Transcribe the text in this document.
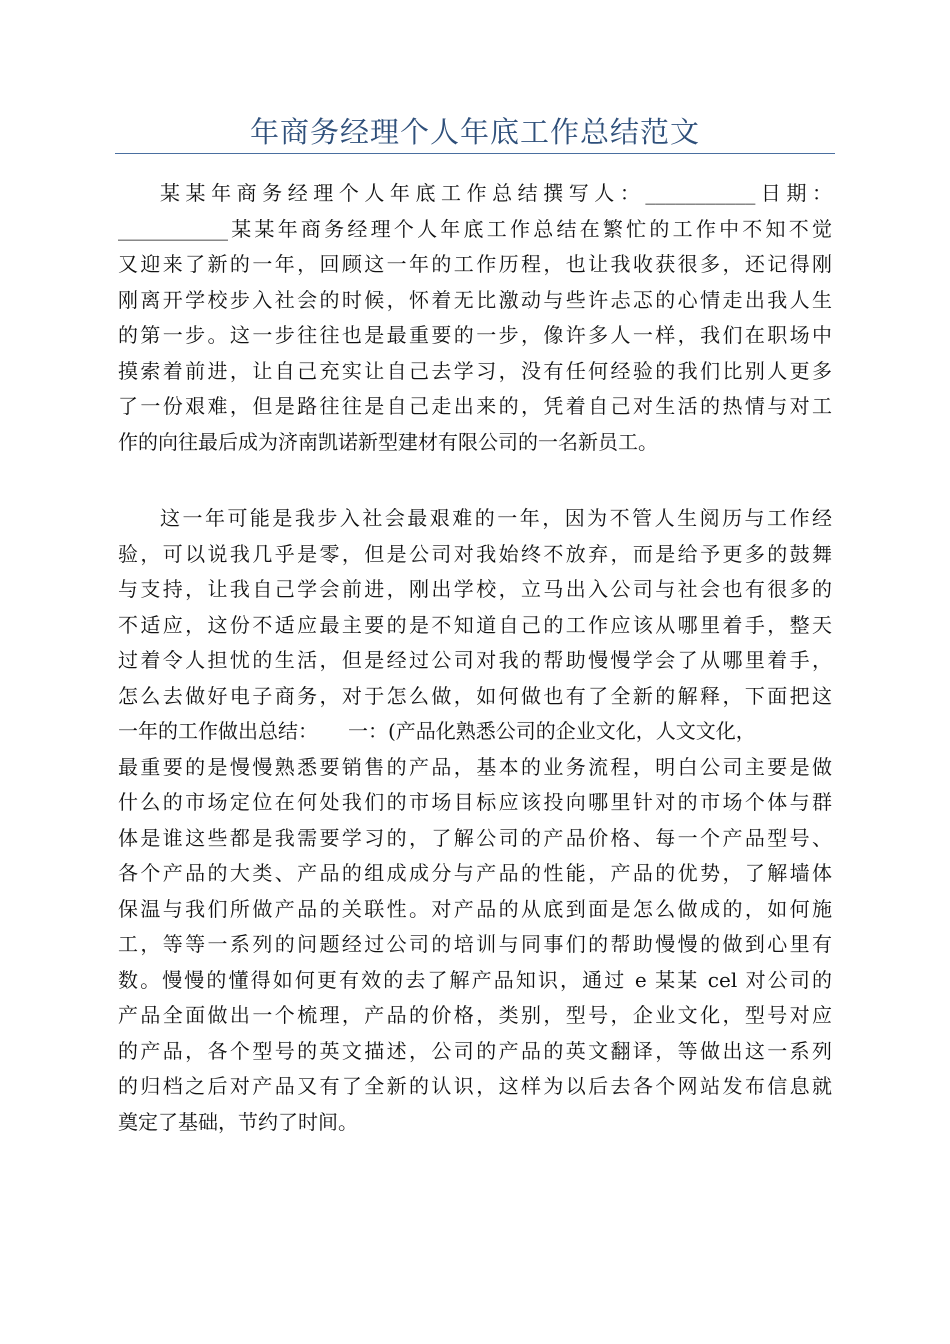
年商务经理个人年底工作总结范文
某某年商务经理个人年底工作总结撰写人：___________日期：
___________某某年商务经理个人年底工作总结在繁忙的工作中不知不觉
又迎来了新的一年，回顾这一年的工作历程，也让我收获很多，还记得刚
刚离开学校步入社会的时候，怀着无比激动与些许忐忑的心情走出我人生
的第一步。这一步往往也是最重要的一步，像许多人一样，我们在职场中
摸索着前进，让自己充实让自己去学习，没有任何经验的我们比别人更多
了一份艰难，但是路往往是自己走出来的，凭着自己对生活的热情与对工
作的向往最后成为济南凯诺新型建材有限公司的一名新员工。
这一年可能是我步入社会最艰难的一年，因为不管人生阅历与工作经
验，可以说我几乎是零，但是公司对我始终不放弃，而是给予更多的鼓舞
与支持，让我自己学会前进，刚出学校，立马出入公司与社会也有很多的
不适应，这份不适应最主要的是不知道自己的工作应该从哪里着手，整天
过着令人担忧的生活，但是经过公司对我的帮助慢慢学会了从哪里着手，
怎么去做好电子商务，对于怎么做，如何做也有了全新的解释，下面把这
一年的工作做出总结：　　一：(产品化熟悉公司的企业文化，人文文化，
最重要的是慢慢熟悉要销售的产品，基本的业务流程，明白公司主要是做
什么的市场定位在何处我们的市场目标应该投向哪里针对的市场个体与群
体是谁这些都是我需要学习的，了解公司的产品价格、每一个产品型号、
各个产品的大类、产品的组成成分与产品的性能，产品的优势，了解墙体
保温与我们所做产品的关联性。对产品的从底到面是怎么做成的，如何施
工，等等一系列的问题经过公司的培训与同事们的帮助慢慢的做到心里有
数。慢慢的懂得如何更有效的去了解产品知识，通过 e 某某 cel 对公司的
产品全面做出一个梳理，产品的价格，类别，型号，企业文化，型号对应
的产品，各个型号的英文描述，公司的产品的英文翻译，等做出这一系列
的归档之后对产品又有了全新的认识，这样为以后去各个网站发布信息就
奠定了基础，节约了时间。
